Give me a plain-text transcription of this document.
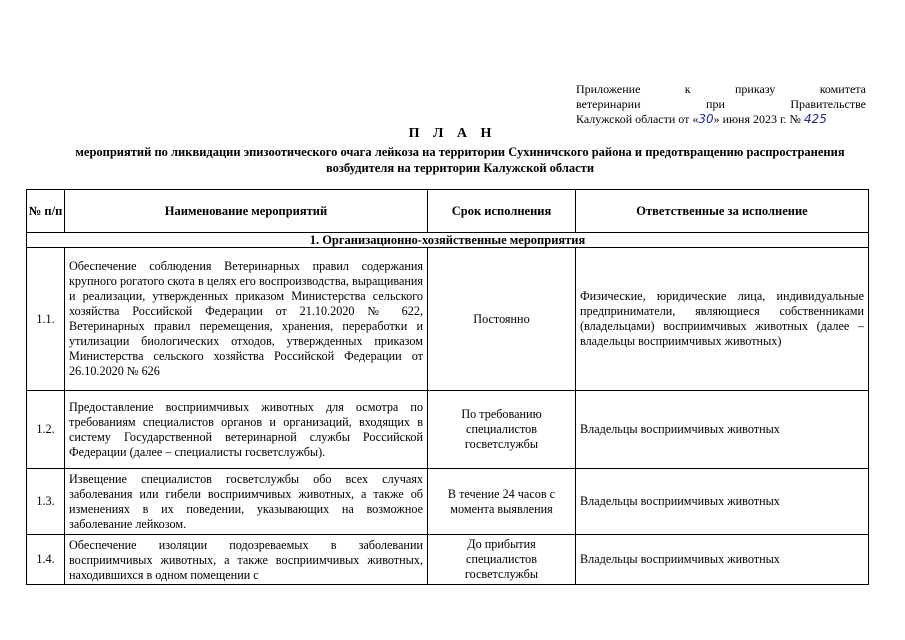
Приложение	к	приказу	комитета
ветеринарии	при	Правительстве
Калужской области от «30» июня 2023 г. № 425
П Л А Н
мероприятий по ликвидации эпизоотического очага лейкоза на территории Сухиничского района и предотвращению распространения возбудителя на территории Калужской области
№ п/п	Наименование мероприятий	Срок исполнения	Ответственные за исполнение
1. Организационно-хозяйственные мероприятия			
1.1.	Обеспечение соблюдения Ветеринарных правил содержания крупного рогатого скота в целях его воспроизводства, выращивания и реализации, утвержденных приказом Министерства сельского хозяйства Российской Федерации от 21.10.2020 № 622, Ветеринарных правил перемещения, хранения, переработки и утилизации биологических отходов, утвержденных приказом Министерства сельского хозяйства Российской Федерации от 26.10.2020 № 626	Постоянно	Физические, юридические лица, индивидуальные предприниматели, являющиеся собственниками (владельцами) восприимчивых животных (далее – владельцы восприимчивых животных)
1.2.	Предоставление восприимчивых животных для осмотра по требованиям специалистов органов и организаций, входящих в систему Государственной ветеринарной службы Российской Федерации (далее – специалисты госветслужбы).	По требованию специалистов госветслужбы	Владельцы восприимчивых животных
1.3.	Извещение специалистов госветслужбы обо всех случаях заболевания или гибели восприимчивых животных, а также об изменениях в их поведении, указывающих на возможное заболевание лейкозом.	В течение 24 часов с момента выявления	Владельцы восприимчивых животных
1.4.	Обеспечение изоляции подозреваемых в заболевании восприимчивых животных, а также восприимчивых животных, находившихся в одном помещении с	До прибытия специалистов госветслужбы	Владельцы восприимчивых животных
